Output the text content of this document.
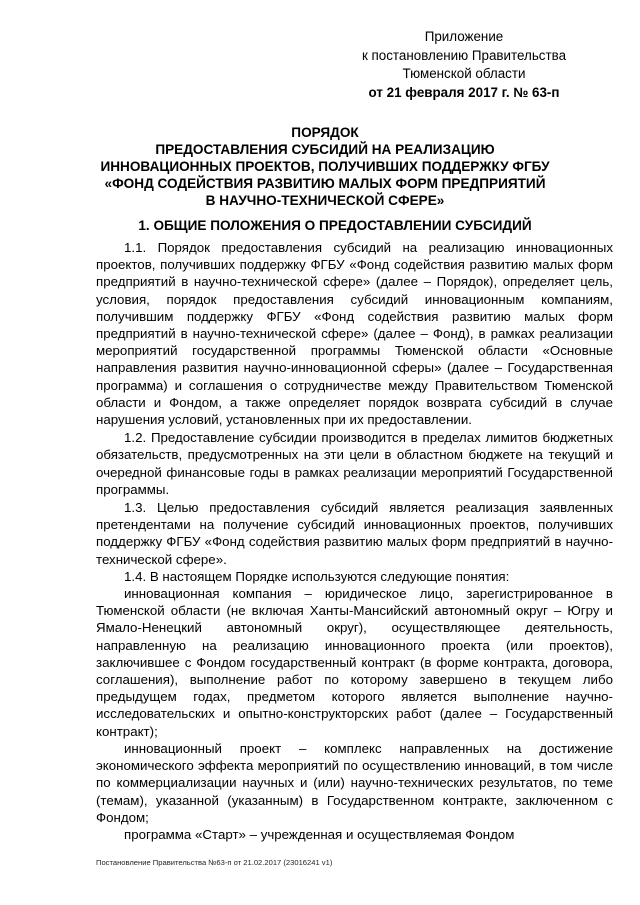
Приложение
к постановлению Правительства
Тюменской области
от 21 февраля 2017 г. № 63-п
ПОРЯДОК
ПРЕДОСТАВЛЕНИЯ СУБСИДИЙ НА РЕАЛИЗАЦИЮ
ИННОВАЦИОННЫХ ПРОЕКТОВ, ПОЛУЧИВШИХ ПОДДЕРЖКУ ФГБУ
«ФОНД СОДЕЙСТВИЯ РАЗВИТИЮ МАЛЫХ ФОРМ ПРЕДПРИЯТИЙ
В НАУЧНО-ТЕХНИЧЕСКОЙ СФЕРЕ»
1. ОБЩИЕ ПОЛОЖЕНИЯ О ПРЕДОСТАВЛЕНИИ СУБСИДИЙ

1.1. Порядок предоставления субсидий на реализацию инновационных проектов, получивших поддержку ФГБУ «Фонд содействия развитию малых форм предприятий в научно-технической сфере» (далее – Порядок), определяет цель, условия, порядок предоставления субсидий инновационным компаниям, получившим поддержку ФГБУ «Фонд содействия развитию малых форм предприятий в научно-технической сфере» (далее – Фонд), в рамках реализации мероприятий государственной программы Тюменской области «Основные направления развития научно-инновационной сферы» (далее – Государственная программа) и соглашения о сотрудничестве между Правительством Тюменской области и Фондом, а также определяет порядок возврата субсидий в случае нарушения условий, установленных при их предоставлении.

1.2. Предоставление субсидии производится в пределах лимитов бюджетных обязательств, предусмотренных на эти цели в областном бюджете на текущий и очередной финансовые годы в рамках реализации мероприятий Государственной программы.

1.3. Целью предоставления субсидий является реализация заявленных претендентами на получение субсидий инновационных проектов, получивших поддержку ФГБУ «Фонд содействия развитию малых форм предприятий в научно-технической сфере».

1.4. В настоящем Порядке используются следующие понятия:

инновационная компания – юридическое лицо, зарегистрированное в Тюменской области (не включая Ханты-Мансийский автономный округ – Югру и Ямало-Ненецкий автономный округ), осуществляющее деятельность, направленную на реализацию инновационного проекта (или проектов), заключившее с Фондом государственный контракт (в форме контракта, договора, соглашения), выполнение работ по которому завершено в текущем либо предыдущем годах, предметом которого является выполнение научно-исследовательских и опытно-конструкторских работ (далее – Государственный контракт);

инновационный проект – комплекс направленных на достижение экономического эффекта мероприятий по осуществлению инноваций, в том числе по коммерциализации научных и (или) научно-технических результатов, по теме (темам), указанной (указанным) в Государственном контракте, заключенном с Фондом;

программа «Старт» – учрежденная и осуществляемая Фондом

Постановление Правительства №63-п от 21.02.2017 (23016241 v1)
